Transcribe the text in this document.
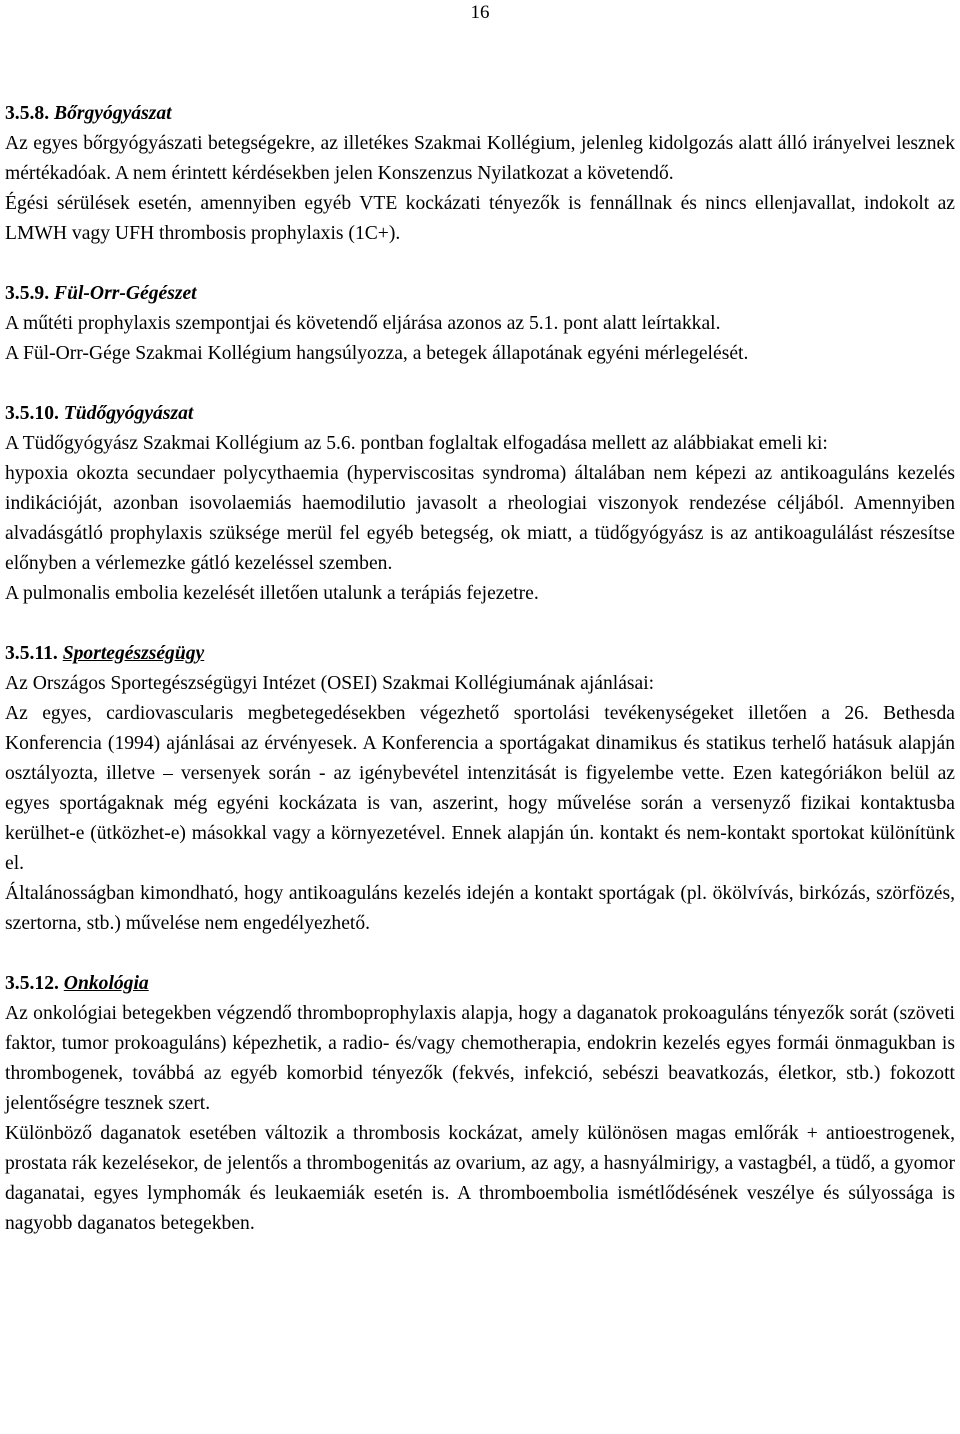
16

3.5.8. Bőrgyógyászat

Az egyes bőrgyógyászati betegségekre, az illetékes Szakmai Kollégium, jelenleg kidolgozás alatt álló irányelvei lesznek mértékadóak. A nem érintett kérdésekben jelen Konszenzus Nyilatkozat a követendő.

Égési sérülések esetén, amennyiben egyéb VTE kockázati tényezők is fennállnak és nincs ellenjavallat, indokolt az LMWH vagy UFH thrombosis prophylaxis (1C+).

3.5.9. Fül-Orr-Gégészet

A műtéti prophylaxis szempontjai és követendő eljárása azonos az 5.1. pont alatt leírtakkal.

A Fül-Orr-Gége Szakmai Kollégium hangsúlyozza, a betegek állapotának egyéni mérlegelését.

3.5.10. Tüdőgyógyászat

A Tüdőgyógyász Szakmai Kollégium az 5.6. pontban foglaltak elfogadása mellett az alábbiakat emeli ki:

hypoxia okozta secundaer polycythaemia (hyperviscositas syndroma) általában nem képezi az antikoaguláns kezelés indikációját, azonban isovolaemiás haemodilutio javasolt a rheologiai viszonyok rendezése céljából. Amennyiben alvadásgátló prophylaxis szüksége merül fel egyéb betegség, ok miatt, a tüdőgyógyász is az antikoagulálást részesítse előnyben a vérlemezke gátló kezeléssel szemben.

A pulmonalis embolia kezelését illetően utalunk a terápiás fejezetre.

3.5.11. Sportegészségügy

Az Országos Sportegészségügyi Intézet (OSEI) Szakmai Kollégiumának ajánlásai:

Az egyes, cardiovascularis megbetegedésekben végezhető sportolási tevékenységeket illetően a 26. Bethesda Konferencia (1994) ajánlásai az érvényesek. A Konferencia a sportágakat dinamikus és statikus terhelő hatásuk alapján osztályozta, illetve – versenyek során - az igénybevétel intenzitását is figyelembe vette. Ezen kategóriákon belül az egyes sportágaknak még egyéni kockázata is van, aszerint, hogy művelése során a versenyző fizikai kontaktusba kerülhet-e (ütközhet-e) másokkal vagy a környezetével. Ennek alapján ún. kontakt és nem-kontakt sportokat különítünk el.

Általánosságban kimondható, hogy antikoaguláns kezelés idején a kontakt sportágak (pl. ökölvívás, birkózás, szörfözés, szertorna, stb.) művelése nem engedélyezhető.

3.5.12. Onkológia

Az onkológiai betegekben végzendő thromboprophylaxis alapja, hogy a daganatok prokoaguláns tényezők sorát (szöveti faktor, tumor prokoaguláns) képezhetik, a radio- és/vagy chemotherapia, endokrin kezelés egyes formái önmagukban is thrombogenek, továbbá az egyéb komorbid tényezők (fekvés, infekció, sebészi beavatkozás, életkor, stb.) fokozott jelentőségre tesznek szert.

Különböző daganatok esetében változik a thrombosis kockázat, amely különösen magas emlőrák + antioestrogenek, prostata rák kezelésekor, de jelentős a thrombogenitás az ovarium, az agy, a hasnyálmirigy, a vastagbél, a tüdő, a gyomor daganatai, egyes lymphomák és leukaemiák esetén is. A thromboembolia ismétlődésének veszélye és súlyossága is nagyobb daganatos betegekben.
